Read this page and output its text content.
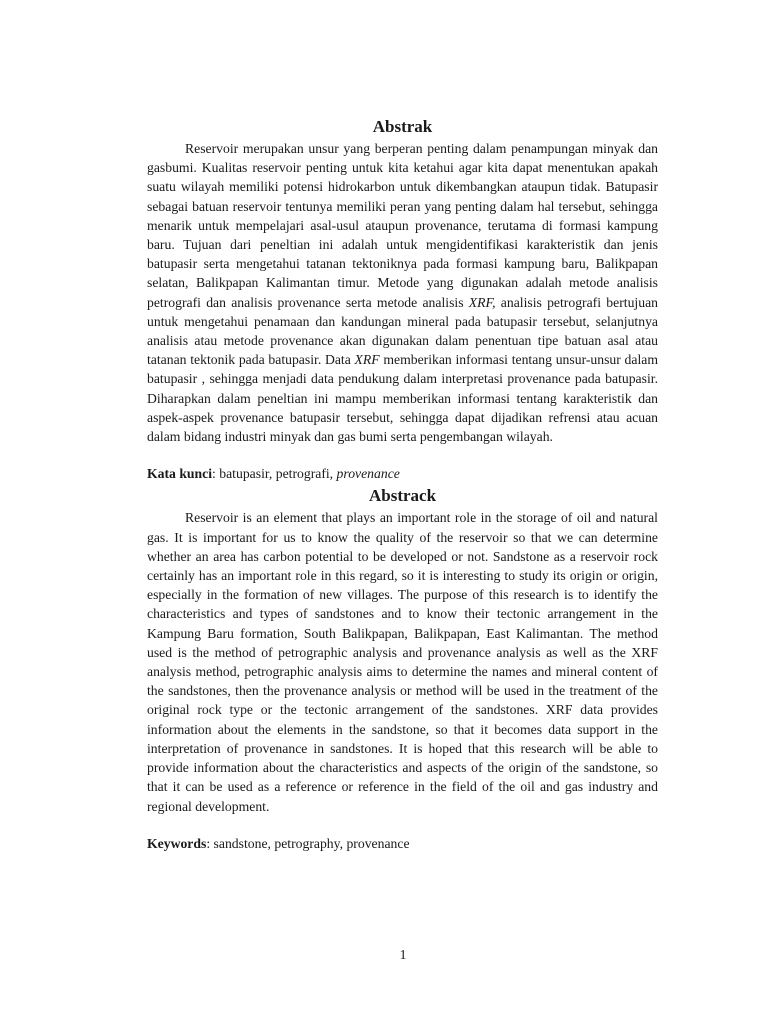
Abstrak

Reservoir merupakan unsur yang berperan penting dalam penampungan minyak dan gasbumi. Kualitas reservoir penting untuk kita ketahui agar kita dapat menentukan apakah suatu wilayah memiliki potensi hidrokarbon untuk dikembangkan ataupun tidak. Batupasir sebagai batuan reservoir tentunya memiliki peran yang penting dalam hal tersebut, sehingga menarik untuk mempelajari asal-usul ataupun provenance, terutama di formasi kampung baru. Tujuan dari peneltian ini adalah untuk mengidentifikasi karakteristik dan jenis batupasir serta mengetahui tatanan tektoniknya pada formasi kampung baru, Balikpapan selatan, Balikpapan Kalimantan timur. Metode yang digunakan adalah metode analisis petrografi dan analisis provenance serta metode analisis XRF, analisis petrografi bertujuan untuk mengetahui penamaan dan kandungan mineral pada batupasir tersebut, selanjutnya analisis atau metode provenance akan digunakan dalam penentuan tipe batuan asal atau tatanan tektonik pada batupasir. Data XRF memberikan informasi tentang unsur-unsur dalam batupasir , sehingga menjadi data pendukung dalam interpretasi provenance pada batupasir. Diharapkan dalam peneltian ini mampu memberikan informasi tentang karakteristik dan aspek-aspek provenance batupasir tersebut, sehingga dapat dijadikan refrensi atau acuan dalam bidang industri minyak dan gas bumi serta pengembangan wilayah.

Kata kunci: batupasir, petrografi, provenance

Abstrack

Reservoir is an element that plays an important role in the storage of oil and natural gas. It is important for us to know the quality of the reservoir so that we can determine whether an area has carbon potential to be developed or not. Sandstone as a reservoir rock certainly has an important role in this regard, so it is interesting to study its origin or origin, especially in the formation of new villages. The purpose of this research is to identify the characteristics and types of sandstones and to know their tectonic arrangement in the Kampung Baru formation, South Balikpapan, Balikpapan, East Kalimantan. The method used is the method of petrographic analysis and provenance analysis as well as the XRF analysis method, petrographic analysis aims to determine the names and mineral content of the sandstones, then the provenance analysis or method will be used in the treatment of the original rock type or the tectonic arrangement of the sandstones. XRF data provides information about the elements in the sandstone, so that it becomes data support in the interpretation of provenance in sandstones. It is hoped that this research will be able to provide information about the characteristics and aspects of the origin of the sandstone, so that it can be used as a reference or reference in the field of the oil and gas industry and regional development.

Keywords: sandstone, petrography, provenance

1
